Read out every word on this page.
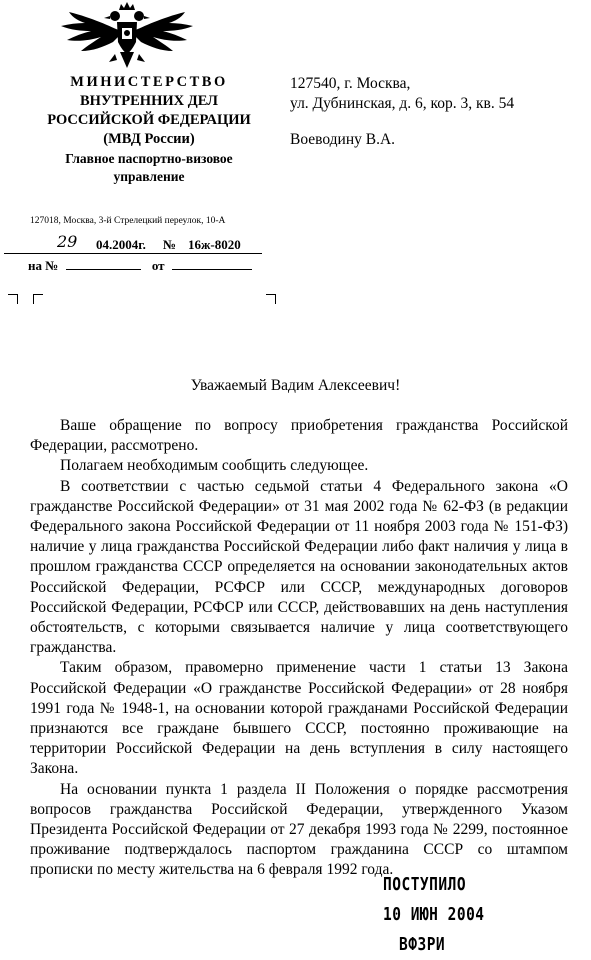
МИНИСТЕРСТВО
ВНУТРЕННИХ ДЕЛ
РОССИЙСКОЙ ФЕДЕРАЦИИ
(МВД России)
Главное паспортно-визовое
управление
127018, Москва, 3-й Стрелецкий переулок, 10-А
29 04.2004г. № 16ж-8020
на №	от
127540, г. Москва,
ул. Дубнинская, д. 6, кор. 3, кв. 54
Воеводину В.А.
Уважаемый Вадим Алексеевич!

Ваше обращение по вопросу приобретения гражданства Российской Федерации, рассмотрено.

Полагаем необходимым сообщить следующее.

В соответствии с частью седьмой статьи 4 Федерального закона «О гражданстве Российской Федерации» от 31 мая 2002 года № 62-ФЗ (в редакции Федерального закона Российской Федерации от 11 ноября 2003 года № 151-ФЗ) наличие у лица гражданства Российской Федерации либо факт наличия у лица в прошлом гражданства СССР определяется на основании законодательных актов Российской Федерации, РСФСР или СССР, международных договоров Российской Федерации, РСФСР или СССР, действовавших на день наступления обстоятельств, с которыми связывается наличие у лица соответствующего гражданства.

Таким образом, правомерно применение части 1 статьи 13 Закона Российской Федерации «О гражданстве Российской Федерации» от 28 ноября 1991 года № 1948-1, на основании которой гражданами Российской Федерации признаются все граждане бывшего СССР, постоянно проживающие на территории Российской Федерации на день вступления в силу настоящего Закона.

На основании пункта 1 раздела II Положения о порядке рассмотрения вопросов гражданства Российской Федерации, утвержденного Указом Президента Российской Федерации от 27 декабря 1993 года № 2299, постоянное проживание подтверждалось паспортом гражданина СССР со штампом прописки по месту жительства на 6 февраля 1992 года.

ПОСТУПИЛО
10 ИЮН 2004
ВФЗРИ
